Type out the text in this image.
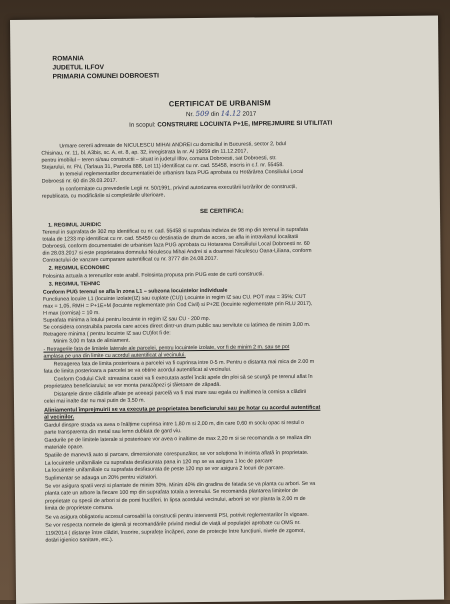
ROMANIA
JUDETUL ILFOV
PRIMARIA COMUNEI DOBROESTI
CERTIFICAT DE URBANISM
Nr. 509 din 14.12 2017
In scopul: CONSTRUIRE LOCUINTA P+1E, IMPREJMUIRE SI UTILITATI
Urmare cererii adresate de NICULESCU MIHAI ANDREI cu domiciliul in Bucuresti, sector 2, bdul
Chisinau, nr. 11, bl. A3bis, sc. A, et. 8, ap. 32, inregistrata la nr. Al 19059 din 11.12.2017,
pentru imobilul – teren si/sau constructii – situat in judetul Ilfov, comuna Dobroesti, sat Dobroesti, str.
Stejarului, nr. FN, (Tarlaua 31, Parcela 888, Lot 11) identificat cu nr. cad. 55458, inscris in c.f. nr. 55458.
In temeiul reglementarilor documentatiei de urbanism faza PUG aprobata cu Hotărârea Consiliului Local
Dobroesti nr. 60 din 28.03.2017.
In conformitate cu prevederile Legii nr. 50/1991, privind autorizarea executării lucrărilor de construcții,
republicata, cu modificările si completările ulterioare,
SE CERTIFICA:
1. REGIMUL JURIDIC
Terenul in suprafata de 302 mp identificat cu nr. cad. 55458 si suprafata indiviza de 98 mp din terenul in suprafata
totala de 1233 mp identificat cu nr. cad. 55459 cu destinatia de drum de acces, se afla in intravilanul localitatii
Dobroesti, conform documentatiei de urbanism faza PUG aprobata cu Hotararea Consiliului Local Dobroesti nr. 60
din 28.03.2017 si este proprietatea domnului Niculescu Mihai Andrei si a doamnei Niculescu Oana-Liliana, conform
Contractului de vanzare cumparare autentificat cu nr. 3777 din 24.08.2017.
2. REGIMUL ECONOMIC
Folosinta actuala a terenurilor este arabil. Folosinta propusa prin PUG este de curti constructii.
3. REGIMUL TEHNIC
Conform PUG terenul se afla în zona L1 – subzona locuintelor individuale
Functiunea locuire L1 (locuinte izolate(IZ) sau cuplate (CU)) Locuinte in regim IZ sau CU. POT max = 35%; CUT
max = 1,05, RMH = P+1E+M (locuinte reglementate prin Cod Civil) si P+2E (locuinte reglementate prin RLU 2017),
H max (cornisa) = 10 m.
Suprafata minima a lotului pentru locuinte in regim IZ sau CU - 200 mp.
Se considera construibila parcela care acces direct dintr-un drum public sau servitute cu latimea de minim 3,00 m.
Retragere minima ( pentru locuinte IZ sau CU)fot fi de:
Minim 3,00 m fata de aliniament.
- Retragerile fata de limitele laterale ale parcelei, pentru locuintele izolate, vor fi de minim 2 m. sau se pot
amplasa pe una din limite cu acordul autentificat al vecinului.
Retragerea fata de limita posterioara a parcelei va fi cuprinsa intre 0-5 m. Pentru o distanta mai mica de 2.00 m
fata de limita posterioara a parcelei se va obtine acordul autentificat al vecinului.
Conform Codului Civil: streasina casei va fi executata astfel încât apele din ploi să se scurgă pe terenul aflat în
proprietatea beneficiarului; se vor monta parazăpezi și tăietoare de zăpadă.
Distanțele dintre clădirile aflate pe aceeași parcelă va fi mai mare sau egala cu inaltimea la cornisa a clădirii
celei mai inalte dar nu mai putin de 3,50 m.
Aliniamentul împrejmuirii se va executa pe proprietatea beneficiarului sau pe hotar cu acordul autentificat
al vecinilor.
Gardul dinspre strada va avea o înălțime cuprinsa intre 1,80 m si 2,00 m, din care 0,60 m soclu opac si restul o
parte transparenta din metal sau lemn dublata de gard viu.
Gardurile pe de limitele laterale si posterioare vor avea o inaltime de max 2,20 m si se recomanda a se realiza din
materiale opace.
Spatiile de manevră auto și parcare, dimensionate corespunzător, se vor soluționa în incinta aflată în proprietate.
La locuintele unifamiliale cu suprafata desfasurata pana in 120 mp se va asigura 1 loc de parcare
La locuintele unifamiliale cu suprafata desfasurata de peste 120 mp se vor asigura 2 locuri de parcare.
Suplimentar se adauga un 20% pentru vizitatori.
Se vor asigura spatii verzi si plantate de minim 30%. Minim 40% din gradina de fatada se va planta cu arbori. Se va
planta cate un arbore la fiecare 100 mp din suprafata totala a terenului. Se recomanda plantarea limitelor de
proprietate cu specii de arbori si de pomi fructiferi. In lipsa acordului vecinului, arborii se vor planta la 2,00 m de
limita de proprietate comuna.
Se va asigura obligatoriu accesul carosabil la constructii pentru interventii PSI, potrivit reglementarilor în vigoare.
Se vor respecta normele de igienă și recomandările privind mediul de viață al populației aprobate cu OMS nr.
119/2014 ( distanțe între clădiri, însorire, suprafețe încăperi, zone de protecție între funcțiuni, nivele de zgomot,
dotări igienico sanitare, etc.).
